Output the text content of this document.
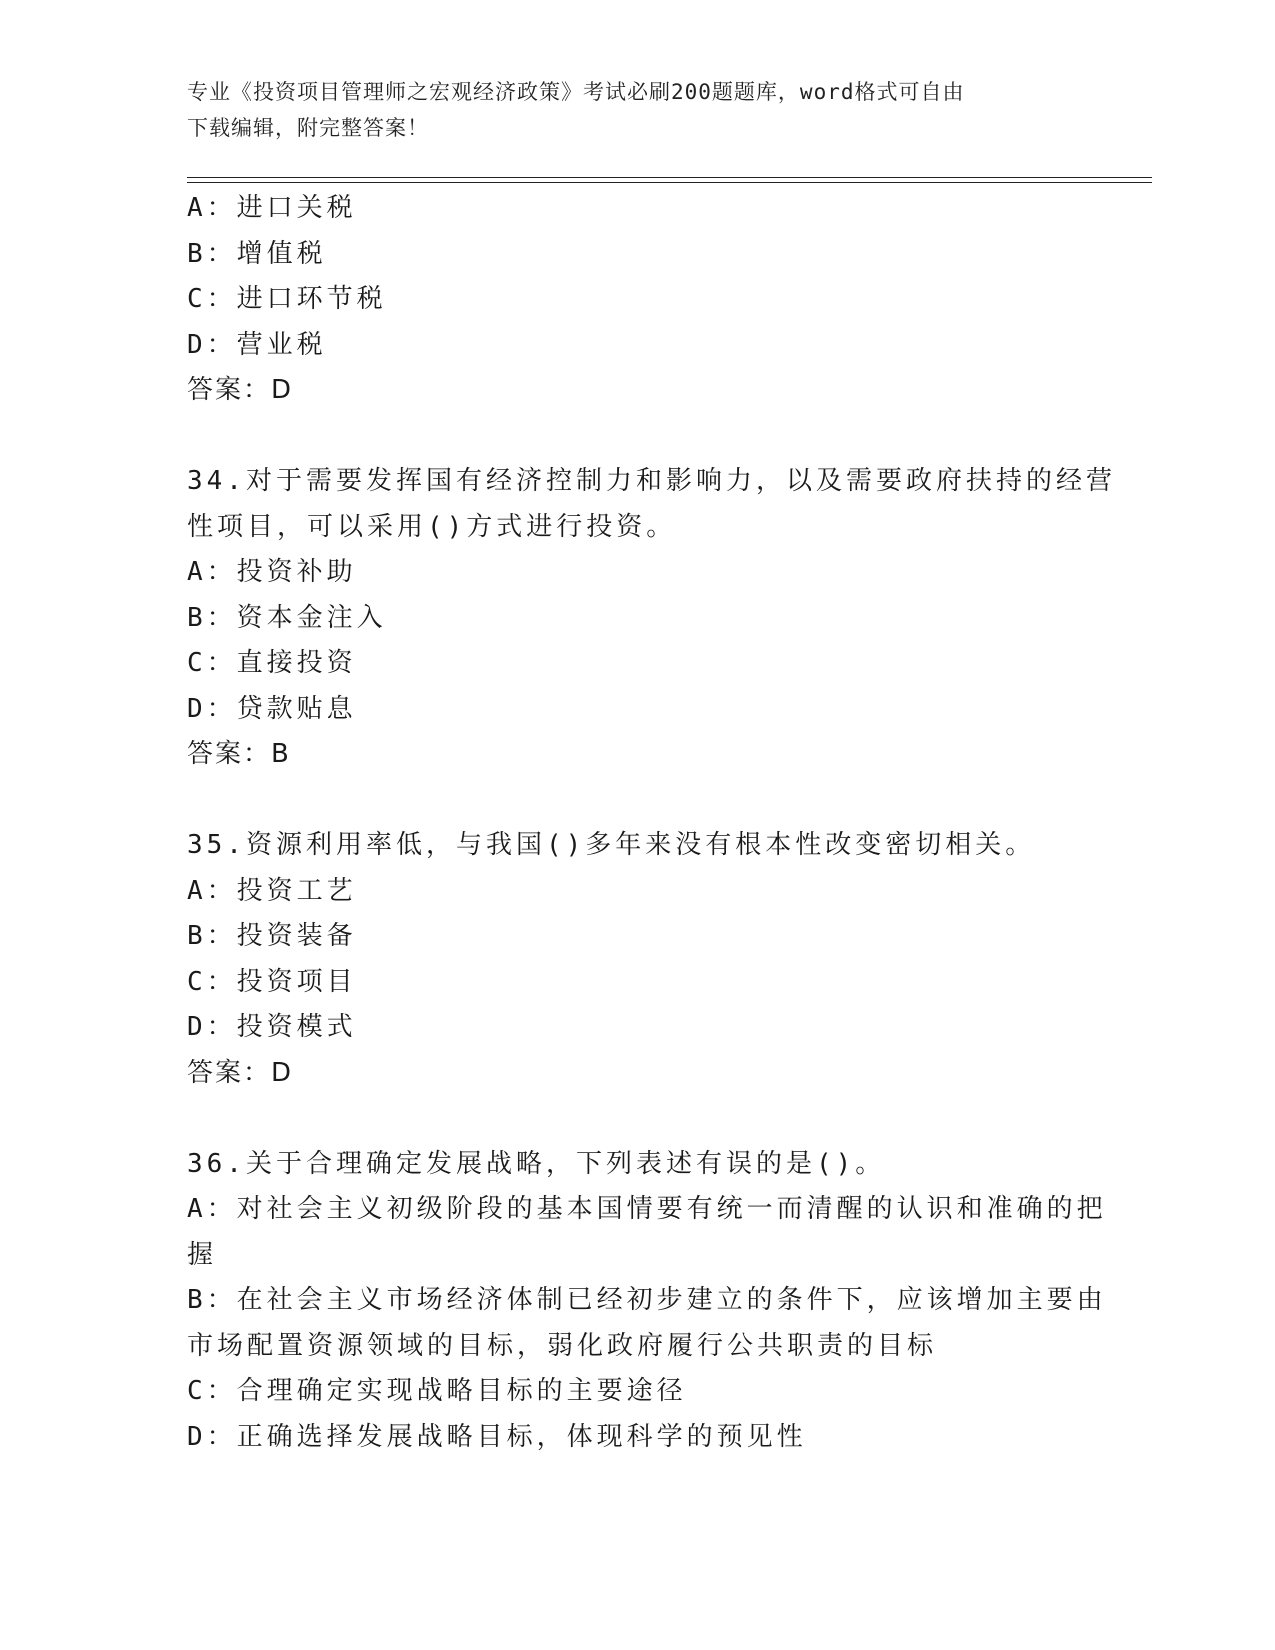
专业《投资项目管理师之宏观经济政策》考试必刷200题题库，word格式可自由
下载编辑，附完整答案！

A：进口关税

B：增值税

C：进口环节税

D：营业税

答案：D

34.对于需要发挥国有经济控制力和影响力，以及需要政府扶持的经营

性项目，可以采用()方式进行投资。

A：投资补助

B：资本金注入

C：直接投资

D：贷款贴息

答案：B

35.资源利用率低，与我国()多年来没有根本性改变密切相关。

A：投资工艺

B：投资装备

C：投资项目

D：投资模式

答案：D

36.关于合理确定发展战略，下列表述有误的是()。

A：对社会主义初级阶段的基本国情要有统一而清醒的认识和准确的把

握

B：在社会主义市场经济体制已经初步建立的条件下，应该增加主要由

市场配置资源领域的目标，弱化政府履行公共职责的目标

C：合理确定实现战略目标的主要途径

D：正确选择发展战略目标，体现科学的预见性
